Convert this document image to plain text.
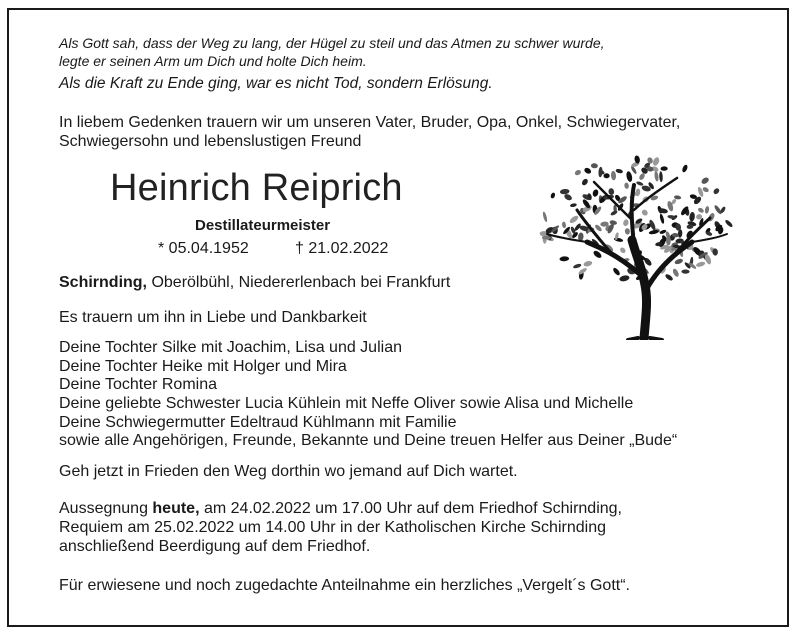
Als Gott sah, dass der Weg zu lang, der Hügel zu steil und das Atmen zu schwer wurde,
legte er seinen Arm um Dich und holte Dich heim.
Als die Kraft zu Ende ging, war es nicht Tod, sondern Erlösung.
In liebem Gedenken trauern wir um unseren Vater, Bruder, Opa, Onkel, Schwiegervater,
Schwiegersohn und lebenslustigen Freund
Heinrich Reiprich
Destillateurmeister
* 05.04.1952	† 21.02.2022
Schirnding, Oberölbühl, Niedererlenbach bei Frankfurt
Es trauern um ihn in Liebe und Dankbarkeit
Deine Tochter Silke mit Joachim, Lisa und Julian
Deine Tochter Heike mit Holger und Mira
Deine Tochter Romina
Deine geliebte Schwester Lucia Kühlein mit Neffe Oliver sowie Alisa und Michelle
Deine Schwiegermutter Edeltraud Kühlmann mit Familie
sowie alle Angehörigen, Freunde, Bekannte und Deine treuen Helfer aus Deiner „Bude“
Geh jetzt in Frieden den Weg dorthin wo jemand auf Dich wartet.
Aussegnung heute, am 24.02.2022 um 17.00 Uhr auf dem Friedhof Schirnding,
Requiem am 25.02.2022 um 14.00 Uhr in der Katholischen Kirche Schirnding
anschließend Beerdigung auf dem Friedhof.
Für erwiesene und noch zugedachte Anteilnahme ein herzliches „Vergelt´s Gott“.
